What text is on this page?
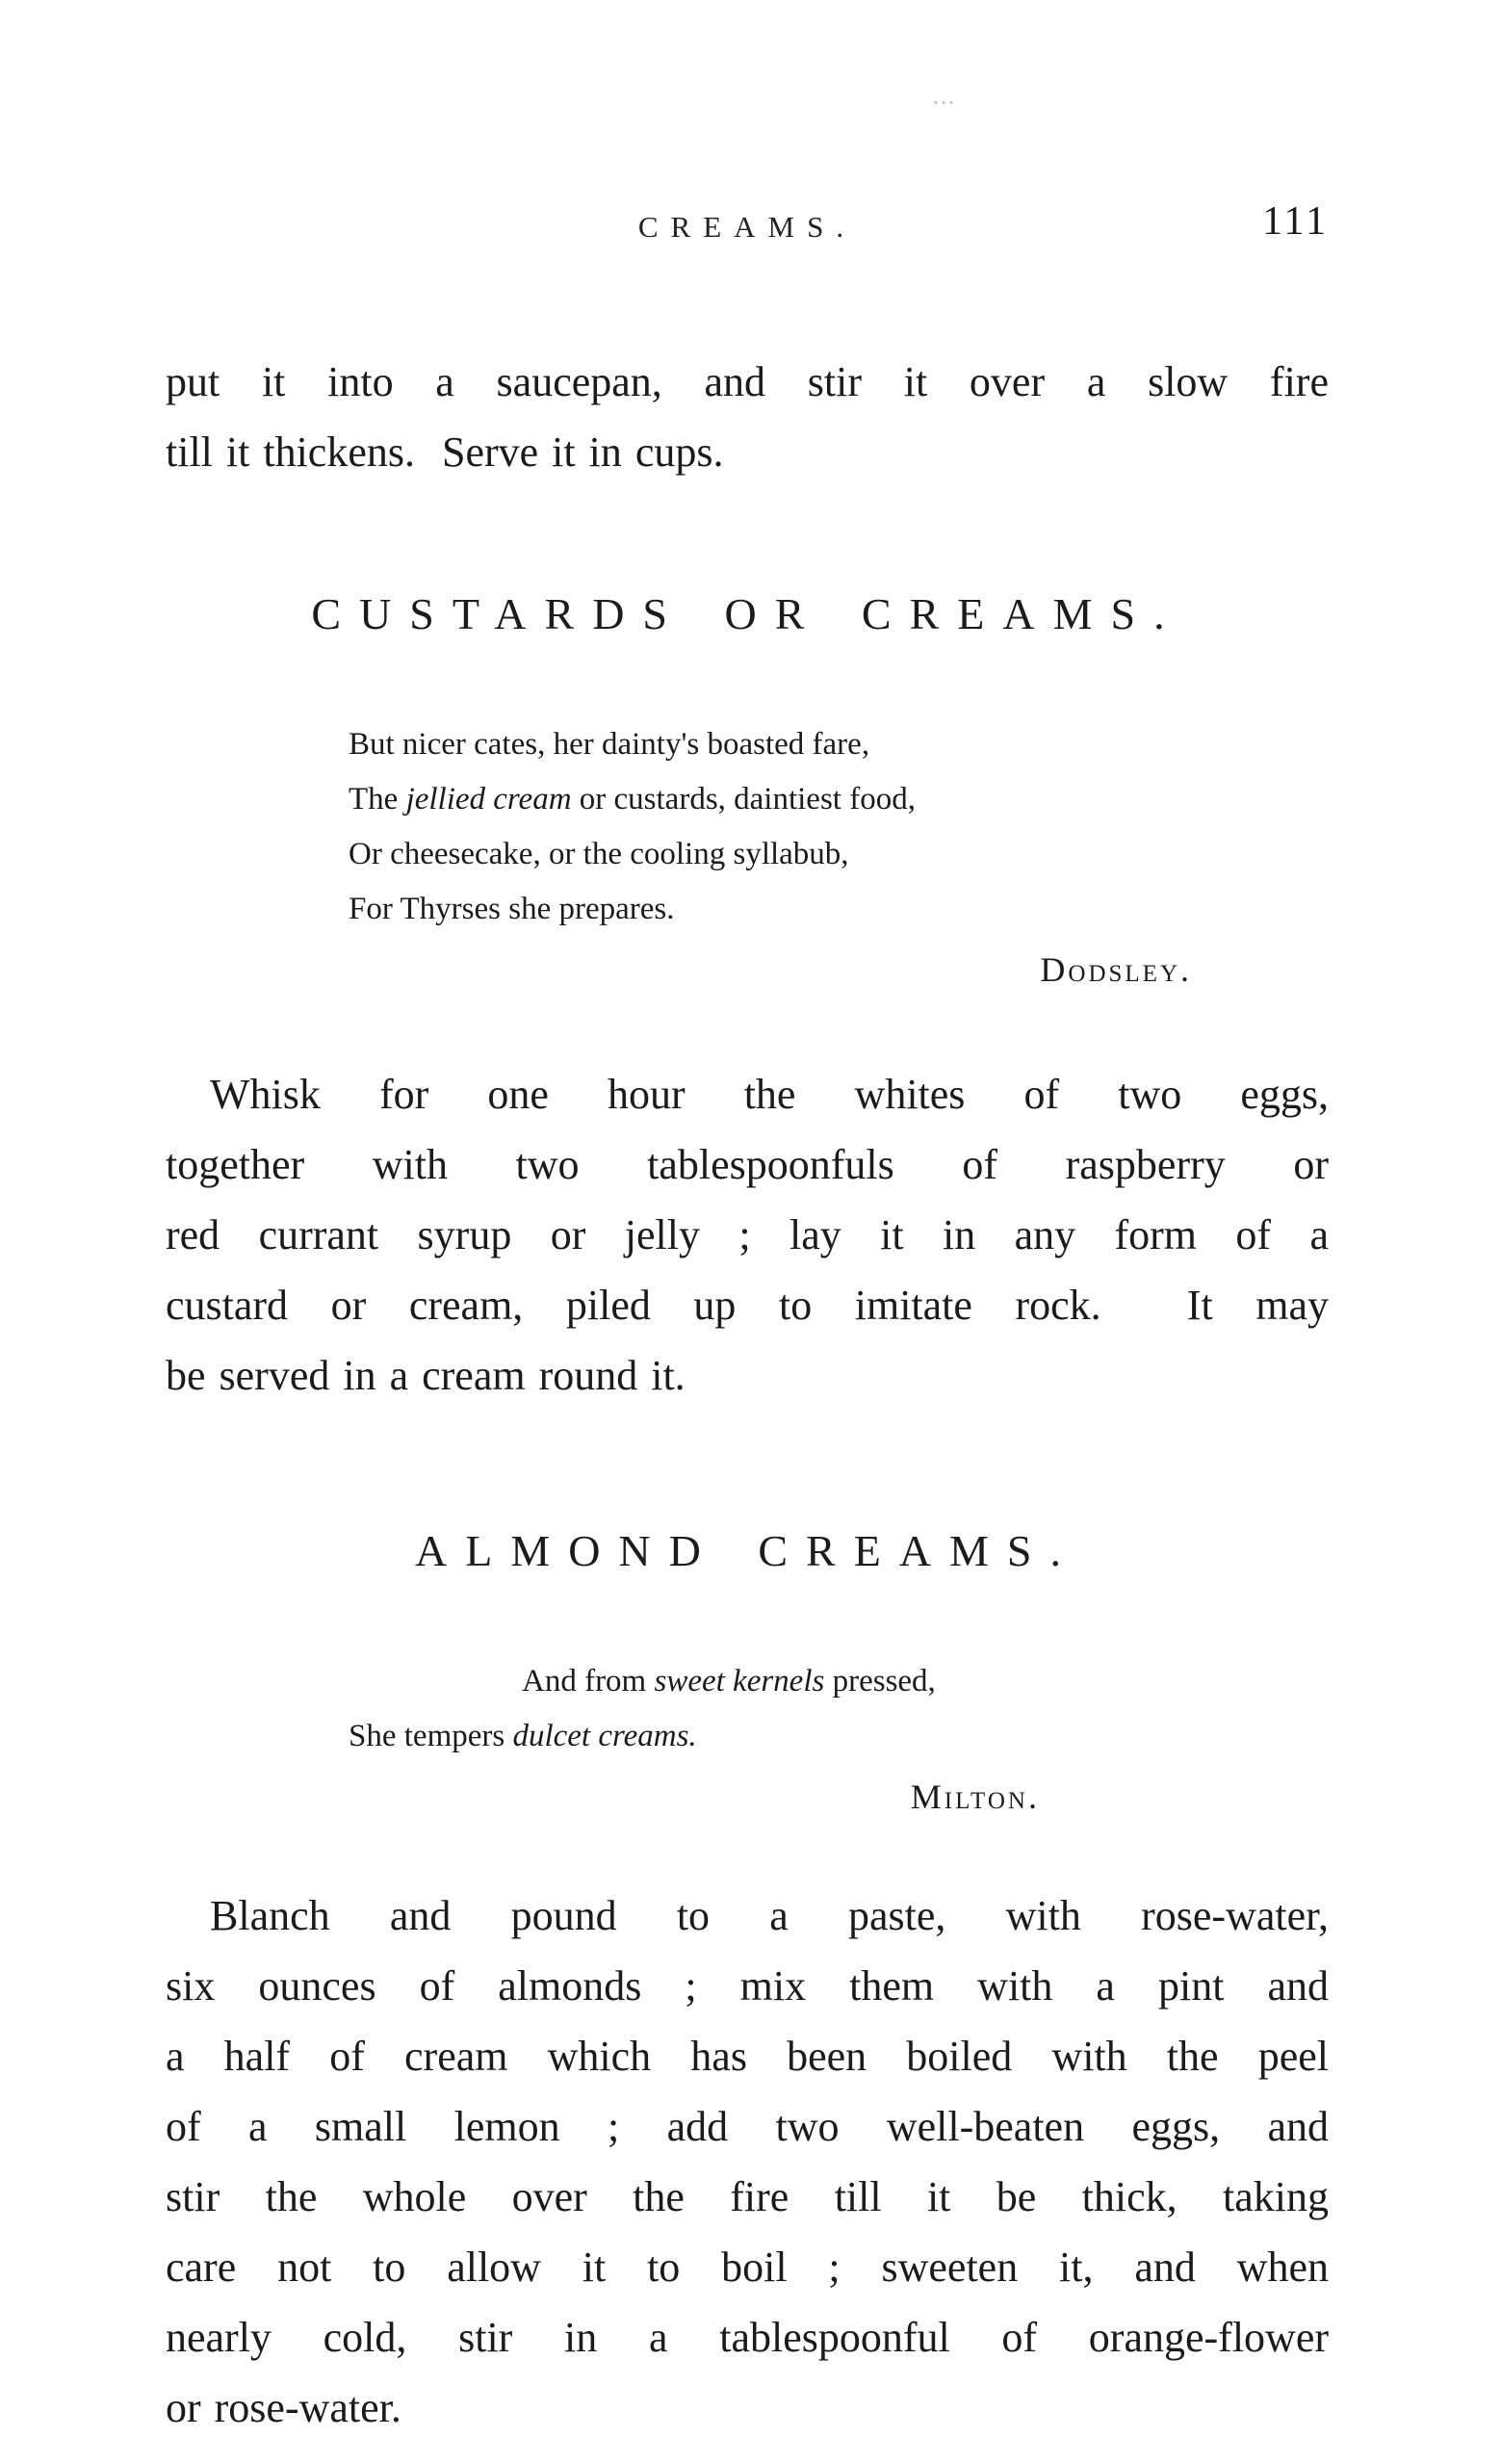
⋯
CREAMS.	111
put it into a saucepan, and stir it over a slow fire
till it thickens.  Serve it in cups.
CUSTARDS OR CREAMS.
But nicer cates, her dainty's boasted fare,
The jellied cream or custards, daintiest food,
Or cheesecake, or the cooling syllabub,
For Thyrses she prepares.
Dodsley.
Whisk for one hour the whites of two eggs,
together with two tablespoonfuls of raspberry or
red currant syrup or jelly ; lay it in any form of a
custard or cream, piled up to imitate rock.  It may
be served in a cream round it.
ALMOND CREAMS.
And from sweet kernels pressed,
She tempers dulcet creams.
Milton.
Blanch and pound to a paste, with rose-water,
six ounces of almonds ; mix them with a pint and
a half of cream which has been boiled with the peel
of a small lemon ; add two well-beaten eggs, and
stir the whole over the fire till it be thick, taking
care not to allow it to boil ; sweeten it, and when
nearly cold, stir in a tablespoonful of orange-flower
or rose-water.
